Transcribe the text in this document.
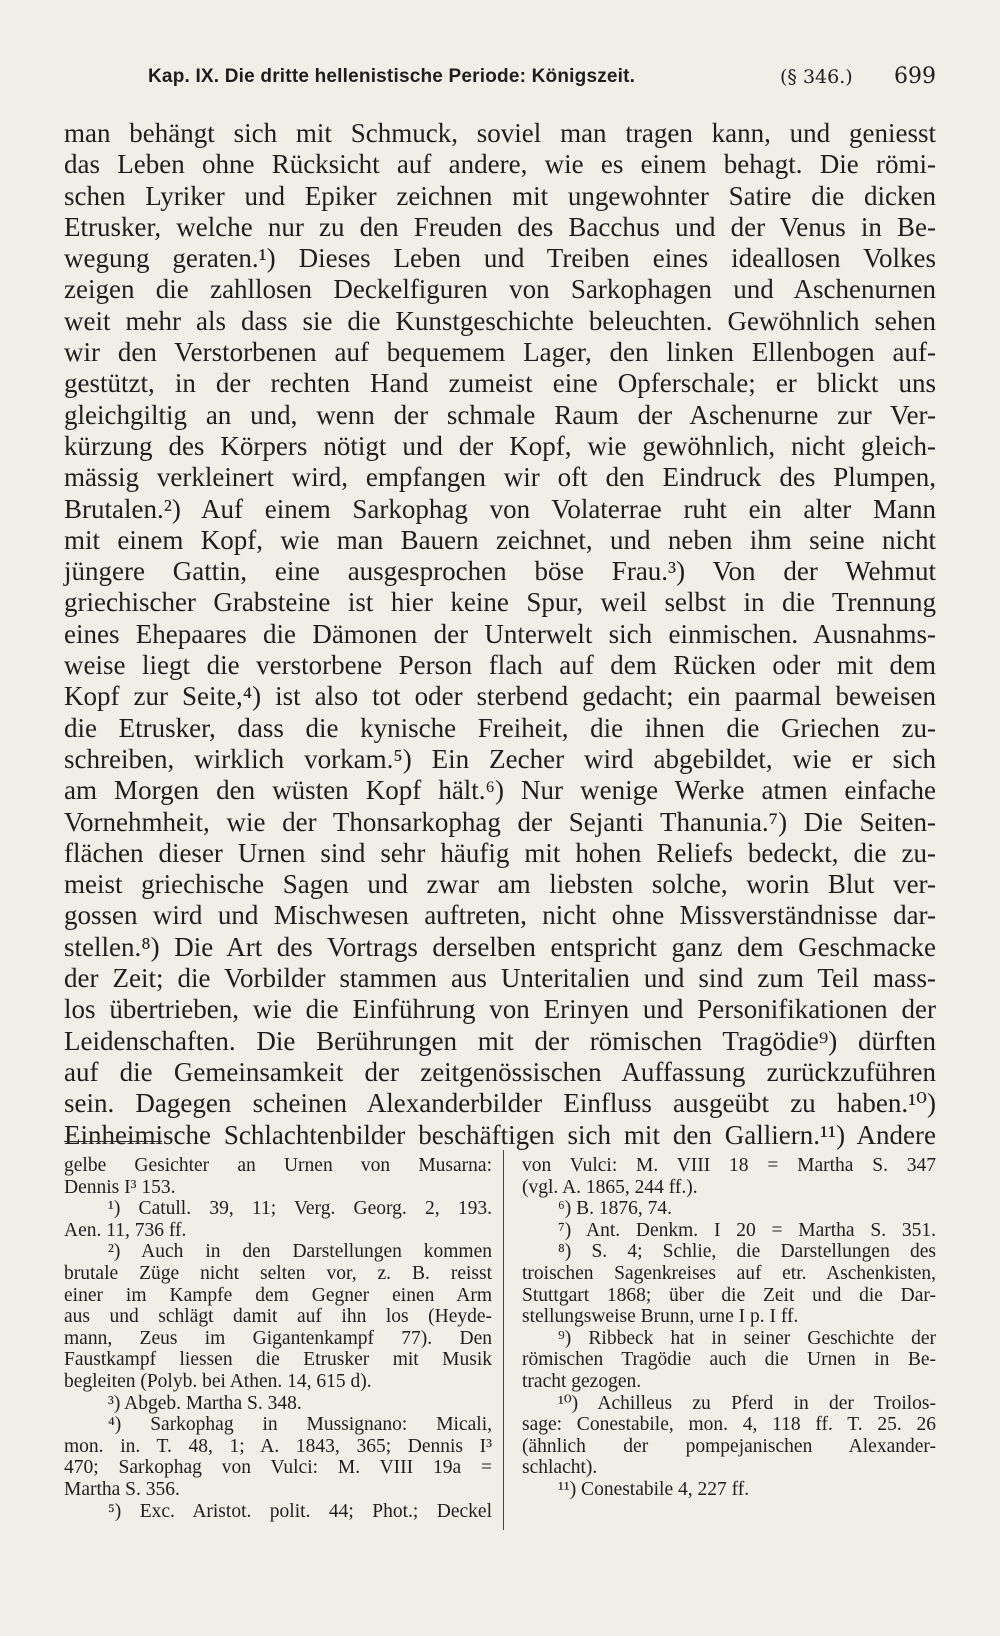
Kap. IX. Die dritte hellenistische Periode: Königszeit.	(§ 346.) 699
man behängt sich mit Schmuck, soviel man tragen kann, und geniesst
das Leben ohne Rücksicht auf andere, wie es einem behagt. Die römi-
schen Lyriker und Epiker zeichnen mit ungewohnter Satire die dicken
Etrusker, welche nur zu den Freuden des Bacchus und der Venus in Be-
wegung geraten.¹) Dieses Leben und Treiben eines ideallosen Volkes
zeigen die zahllosen Deckelfiguren von Sarkophagen und Aschenurnen
weit mehr als dass sie die Kunstgeschichte beleuchten. Gewöhnlich sehen
wir den Verstorbenen auf bequemem Lager, den linken Ellenbogen auf-
gestützt, in der rechten Hand zumeist eine Opferschale; er blickt uns
gleichgiltig an und, wenn der schmale Raum der Aschenurne zur Ver-
kürzung des Körpers nötigt und der Kopf, wie gewöhnlich, nicht gleich-
mässig verkleinert wird, empfangen wir oft den Eindruck des Plumpen,
Brutalen.²) Auf einem Sarkophag von Volaterrae ruht ein alter Mann
mit einem Kopf, wie man Bauern zeichnet, und neben ihm seine nicht
jüngere Gattin, eine ausgesprochen böse Frau.³) Von der Wehmut
griechischer Grabsteine ist hier keine Spur, weil selbst in die Trennung
eines Ehepaares die Dämonen der Unterwelt sich einmischen. Ausnahms-
weise liegt die verstorbene Person flach auf dem Rücken oder mit dem
Kopf zur Seite,⁴) ist also tot oder sterbend gedacht; ein paarmal beweisen
die Etrusker, dass die kynische Freiheit, die ihnen die Griechen zu-
schreiben, wirklich vorkam.⁵) Ein Zecher wird abgebildet, wie er sich
am Morgen den wüsten Kopf hält.⁶) Nur wenige Werke atmen einfache
Vornehmheit, wie der Thonsarkophag der Sejanti Thanunia.⁷) Die Seiten-
flächen dieser Urnen sind sehr häufig mit hohen Reliefs bedeckt, die zu-
meist griechische Sagen und zwar am liebsten solche, worin Blut ver-
gossen wird und Mischwesen auftreten, nicht ohne Missverständnisse dar-
stellen.⁸) Die Art des Vortrags derselben entspricht ganz dem Geschmacke
der Zeit; die Vorbilder stammen aus Unteritalien und sind zum Teil mass-
los übertrieben, wie die Einführung von Erinyen und Personifikationen der
Leidenschaften. Die Berührungen mit der römischen Tragödie⁹) dürften
auf die Gemeinsamkeit der zeitgenössischen Auffassung zurückzuführen
sein. Dagegen scheinen Alexanderbilder Einfluss ausgeübt zu haben.¹⁰)
Einheimische Schlachtenbilder beschäftigen sich mit den Galliern.¹¹) Andere
gelbe Gesichter an Urnen von Musarna:
Dennis I³ 153.
¹) Catull. 39, 11; Verg. Georg. 2, 193.
Aen. 11, 736 ff.
²) Auch in den Darstellungen kommen
brutale Züge nicht selten vor, z. B. reisst
einer im Kampfe dem Gegner einen Arm
aus und schlägt damit auf ihn los (Heyde-
mann, Zeus im Gigantenkampf 77). Den
Faustkampf liessen die Etrusker mit Musik
begleiten (Polyb. bei Athen. 14, 615 d).
³) Abgeb. Martha S. 348.
⁴) Sarkophag in Mussignano: Micali,
mon. in. T. 48, 1; A. 1843, 365; Dennis I³
470; Sarkophag von Vulci: M. VIII 19a =
Martha S. 356.
⁵) Exc. Aristot. polit. 44; Phot.; Deckel
von Vulci: M. VIII 18 = Martha S. 347
(vgl. A. 1865, 244 ff.).
⁶) B. 1876, 74.
⁷) Ant. Denkm. I 20 = Martha S. 351.
⁸) S. 4; Schlie, die Darstellungen des
troischen Sagenkreises auf etr. Aschenkisten,
Stuttgart 1868; über die Zeit und die Dar-
stellungsweise Brunn, urne I p. I ff.
⁹) Ribbeck hat in seiner Geschichte der
römischen Tragödie auch die Urnen in Be-
tracht gezogen.
¹⁰) Achilleus zu Pferd in der Troilos-
sage: Conestabile, mon. 4, 118 ff. T. 25. 26
(ähnlich der pompejanischen Alexander-
schlacht).
¹¹) Conestabile 4, 227 ff.
